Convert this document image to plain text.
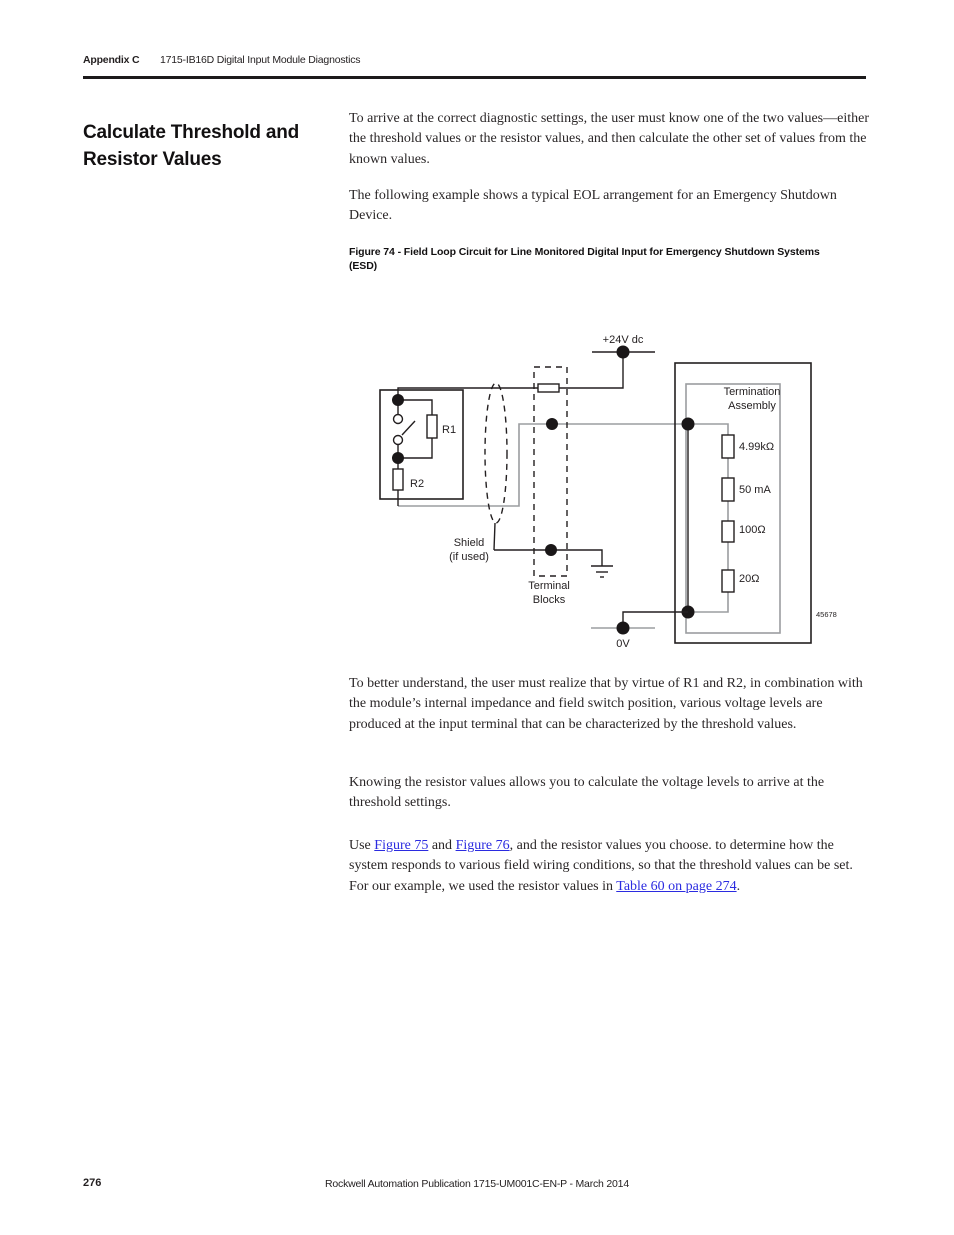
Appendix C 1715-IB16D Digital Input Module Diagnostics
Calculate Threshold and Resistor Values

To arrive at the correct diagnostic settings, the user must know one of the two values—either the threshold values or the resistor values, and then calculate the other set of values from the known values.

The following example shows a typical EOL arrangement for an Emergency Shutdown Device.

Figure 74 - Field Loop Circuit for Line Monitored Digital Input for Emergency Shutdown Systems
(ESD)
+24V dc
R1
R2
Shield
(if used)
Terminal
Blocks
Termination
Assembly
4.99kΩ
50 mA
100Ω
20Ω
0V
45678

To better understand, the user must realize that by virtue of R1 and R2, in combination with the module’s internal impedance and field switch position, various voltage levels are produced at the input terminal that can be characterized by the threshold values.

Knowing the resistor values allows you to calculate the voltage levels to arrive at the threshold settings.

Use Figure 75 and Figure 76, and the resistor values you choose. to determine how the system responds to various field wiring conditions, so that the threshold values can be set. For our example, we used the resistor values in Table 60 on page 274.

276	Rockwell Automation Publication 1715-UM001C-EN-P - March 2014
